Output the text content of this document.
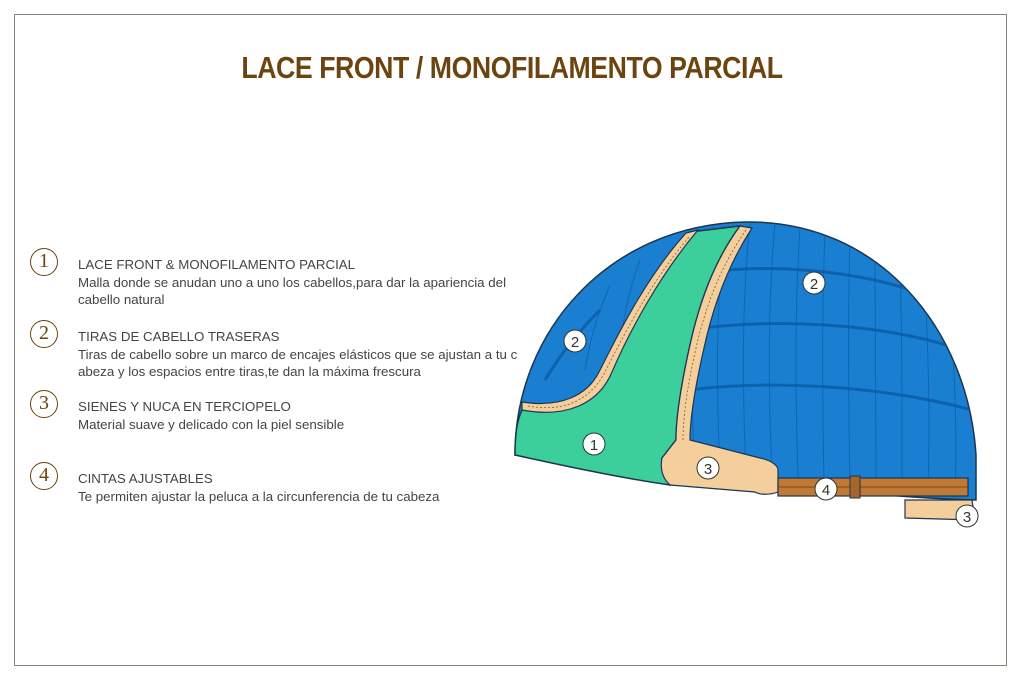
LACE FRONT / MONOFILAMENTO PARCIAL
1	LACE FRONT & MONOFILAMENTO PARCIAL
Malla donde se anudan uno a uno los cabellos,para dar la apariencia del cabello natural
2	TIRAS DE CABELLO TRASERAS
Tiras de cabello sobre un marco de encajes elásticos que se ajustan a tu c abeza y los espacios entre tiras,te dan la máxima frescura
3	SIENES Y NUCA EN TERCIOPELO
Material suave y delicado con la piel sensible
4	CINTAS AJUSTABLES
Te permiten ajustar la peluca a la circunferencia de tu cabeza
1
2
2
3
4
3
